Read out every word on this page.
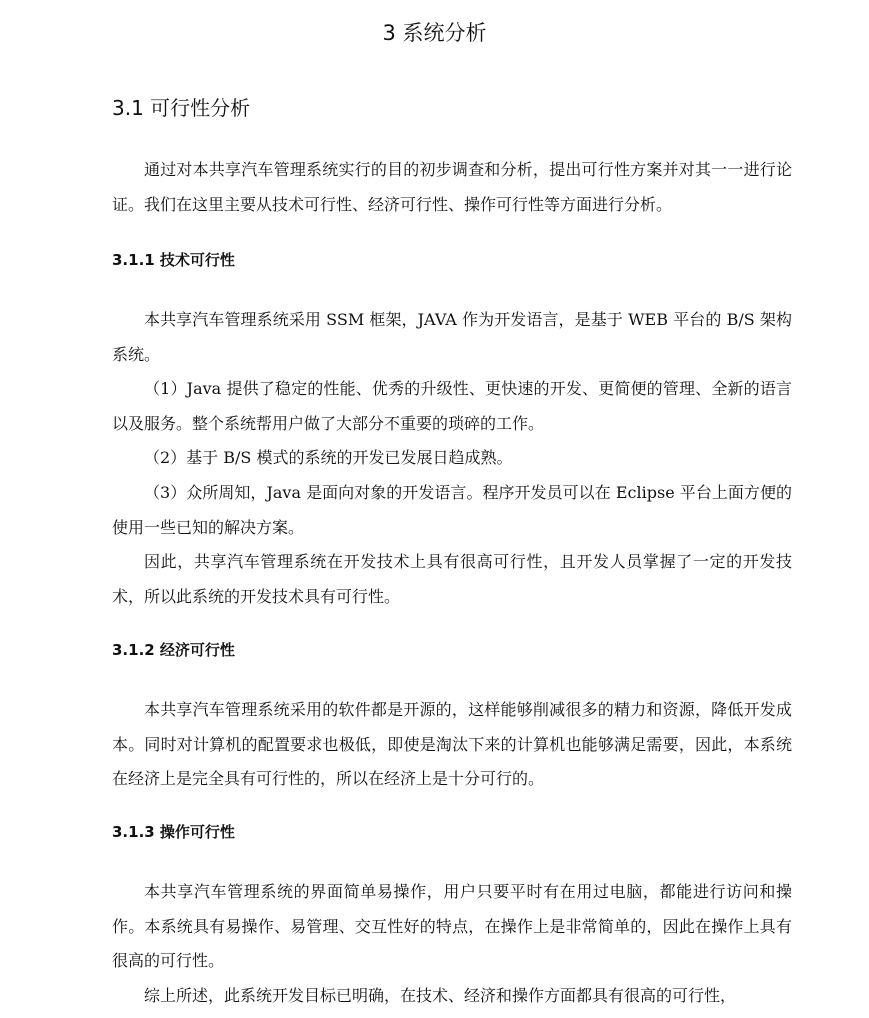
3 系统分析
3.1 可行性分析

通过对本共享汽车管理系统实行的目的初步调查和分析，提出可行性方案并对其一一进行论证。我们在这里主要从技术可行性、经济可行性、操作可行性等方面进行分析。

3.1.1 技术可行性

本共享汽车管理系统采用 SSM 框架，JAVA 作为开发语言，是基于 WEB 平台的 B/S 架构系统。

（1）Java 提供了稳定的性能、优秀的升级性、更快速的开发、更简便的管理、全新的语言以及服务。整个系统帮用户做了大部分不重要的琐碎的工作。

（2）基于 B/S 模式的系统的开发已发展日趋成熟。

（3）众所周知，Java 是面向对象的开发语言。程序开发员可以在 Eclipse 平台上面方便的使用一些已知的解决方案。

因此，共享汽车管理系统在开发技术上具有很高可行性，且开发人员掌握了一定的开发技术，所以此系统的开发技术具有可行性。

3.1.2 经济可行性

本共享汽车管理系统采用的软件都是开源的，这样能够削减很多的精力和资源，降低开发成本。同时对计算机的配置要求也极低，即使是淘汰下来的计算机也能够满足需要，因此，本系统在经济上是完全具有可行性的，所以在经济上是十分可行的。

3.1.3 操作可行性

本共享汽车管理系统的界面简单易操作，用户只要平时有在用过电脑，都能进行访问和操作。本系统具有易操作、易管理、交互性好的特点，在操作上是非常简单的，因此在操作上具有很高的可行性。

综上所述，此系统开发目标已明确，在技术、经济和操作方面都具有很高的可行性，
